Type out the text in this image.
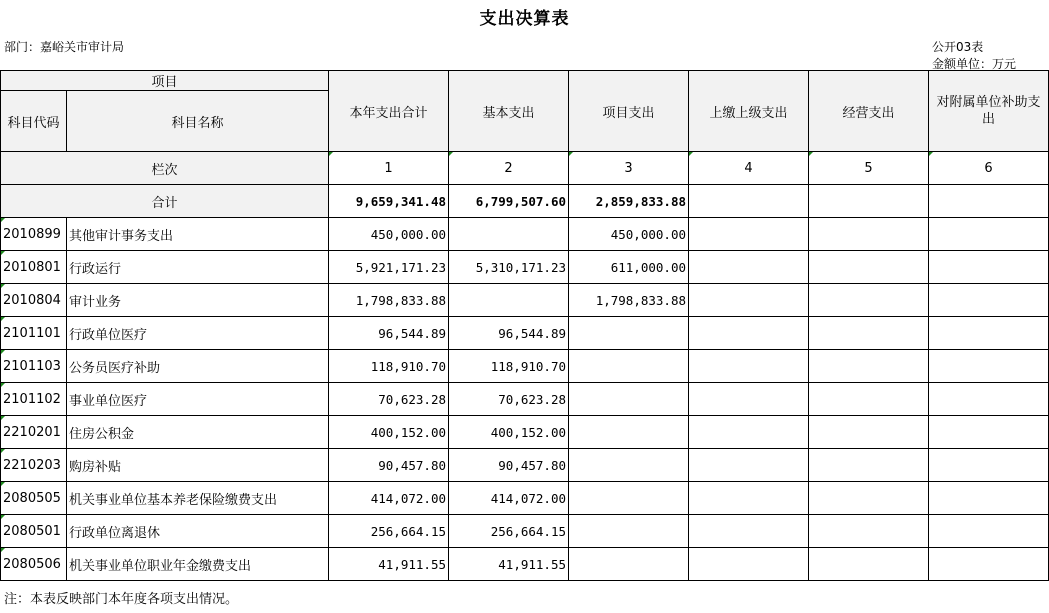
支出决算表
部门：嘉峪关市审计局	公开03表
金额单位：万元
项目		本年支出合计	基本支出	项目支出	上缴上级支出	经营支出	对附属单位补助支出
科目代码	科目名称						
栏次		1	2	3	4	5	6
合计		9,659,341.48	6,799,507.60	2,859,833.88			
2010899	其他审计事务支出	450,000.00		450,000.00			
2010801	行政运行	5,921,171.23	5,310,171.23	611,000.00			
2010804	审计业务	1,798,833.88		1,798,833.88			
2101101	行政单位医疗	96,544.89	96,544.89				
2101103	公务员医疗补助	118,910.70	118,910.70				
2101102	事业单位医疗	70,623.28	70,623.28				
2210201	住房公积金	400,152.00	400,152.00				
2210203	购房补贴	90,457.80	90,457.80				
2080505	机关事业单位基本养老保险缴费支出	414,072.00	414,072.00				
2080501	行政单位离退休	256,664.15	256,664.15				
2080506	机关事业单位职业年金缴费支出	41,911.55	41,911.55				
注：本表反映部门本年度各项支出情况。
